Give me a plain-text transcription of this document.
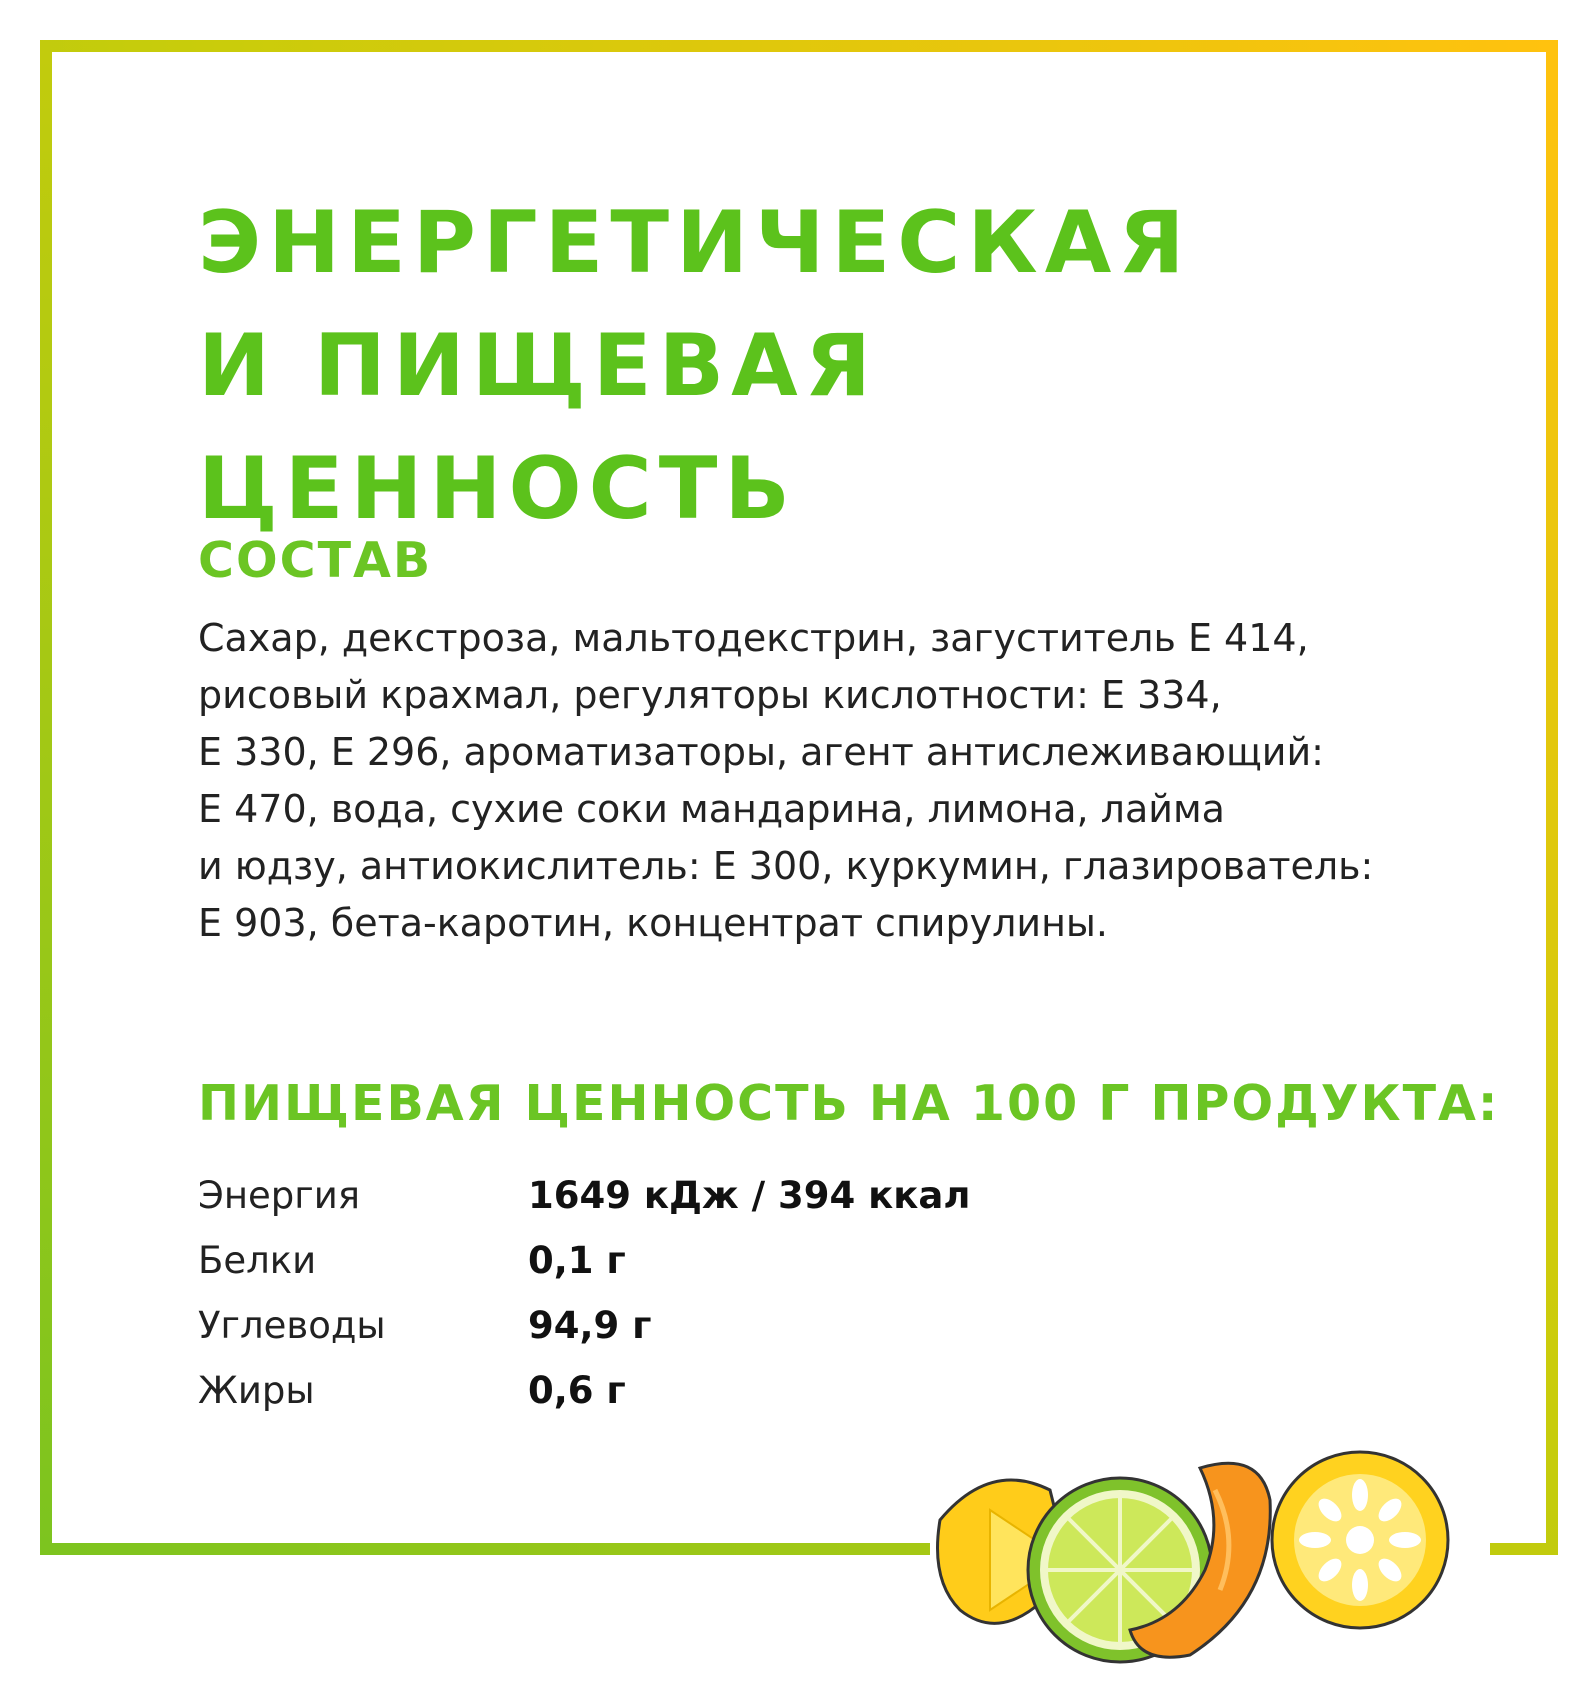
ЭНЕРГЕТИЧЕСКАЯ
И ПИЩЕВАЯ ЦЕННОСТЬ
СОСТАВ
Сахар, декстроза, мальтодекстрин, загуститель Е 414,
рисовый крахмал, регуляторы кислотности: Е 334,
Е 330, Е 296, ароматизаторы, агент антислеживающий:
Е 470, вода, сухие соки мандарина, лимона, лайма
и юдзу, антиокислитель: Е 300, куркумин, глазирователь:
Е 903, бета-каротин, концентрат спирулины.
ПИЩЕВАЯ ЦЕННОСТЬ НА 100 Г ПРОДУКТА:
Энергия	1649 кДж / 394 ккал
Белки	0,1 г
Углеводы	94,9 г
Жиры	0,6 г
